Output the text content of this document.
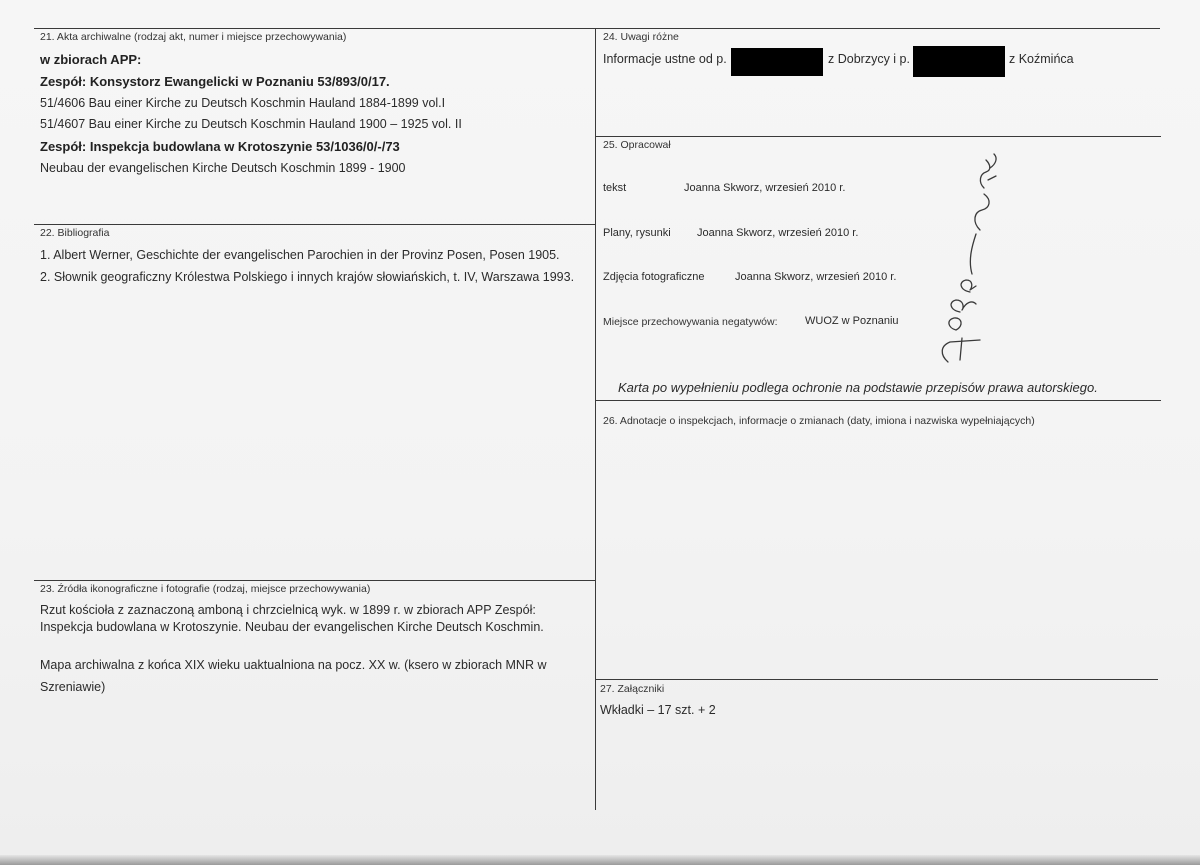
21. Akta archiwalne (rodzaj akt, numer i miejsce przechowywania)
w zbiorach APP:
Zespół: Konsystorz Ewangelicki w Poznaniu 53/893/0/17.
51/4606 Bau einer Kirche zu Deutsch Koschmin Hauland 1884-1899 vol.I
51/4607 Bau einer Kirche zu Deutsch Koschmin Hauland 1900 – 1925 vol. II
Zespół: Inspekcja budowlana w Krotoszynie 53/1036/0/-/73
Neubau der evangelischen Kirche Deutsch Koschmin 1899 - 1900
22. Bibliografia
1. Albert Werner, Geschichte der evangelischen Parochien in der Provinz Posen, Posen 1905.
2. Słownik geograficzny Królestwa Polskiego i innych krajów słowiańskich, t. IV, Warszawa 1993.
23. Źródła ikonograficzne i fotografie (rodzaj, miejsce przechowywania)
Rzut kościoła z zaznaczoną amboną i chrzcielnicą wyk. w 1899 r. w zbiorach APP Zespół:
Inspekcja budowlana w Krotoszynie. Neubau der evangelischen Kirche Deutsch Koschmin.
Mapa archiwalna z końca XIX wieku uaktualniona na pocz. XX w. (ksero w zbiorach MNR w
Szreniawie)
24. Uwagi różne
Informacje ustne od p.	z Dobrzycy i p.	z Koźmińca
25. Opracował
tekst	Joanna Skworz, wrzesień 2010 r.
Plany, rysunki Joanna Skworz, wrzesień 2010 r.
Zdjęcia fotograficzne	Joanna Skworz, wrzesień 2010 r.
Miejsce przechowywania negatywów:	WUOZ w Poznaniu
Karta po wypełnieniu podlega ochronie na podstawie przepisów prawa autorskiego.
26. Adnotacje o inspekcjach, informacje o zmianach (daty, imiona i nazwiska wypełniających)
27. Załączniki
Wkładki – 17 szt. + 2
